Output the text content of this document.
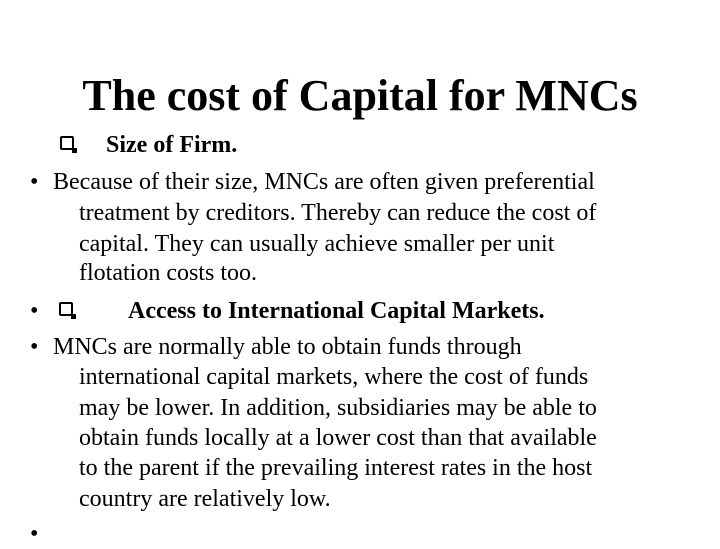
The cost of Capital for MNCs
Size of Firm.
• Because of their size, MNCs are often given preferential
treatment by creditors. Thereby can reduce the cost of
capital. They can usually achieve smaller per unit
flotation costs too.
•	Access to International Capital Markets.
• MNCs are normally able to obtain funds through
international capital markets, where the cost of funds
may be lower. In addition, subsidiaries may be able to
obtain funds locally at a lower cost than that available
to the parent if the prevailing interest rates in the host
country are relatively low.
•
